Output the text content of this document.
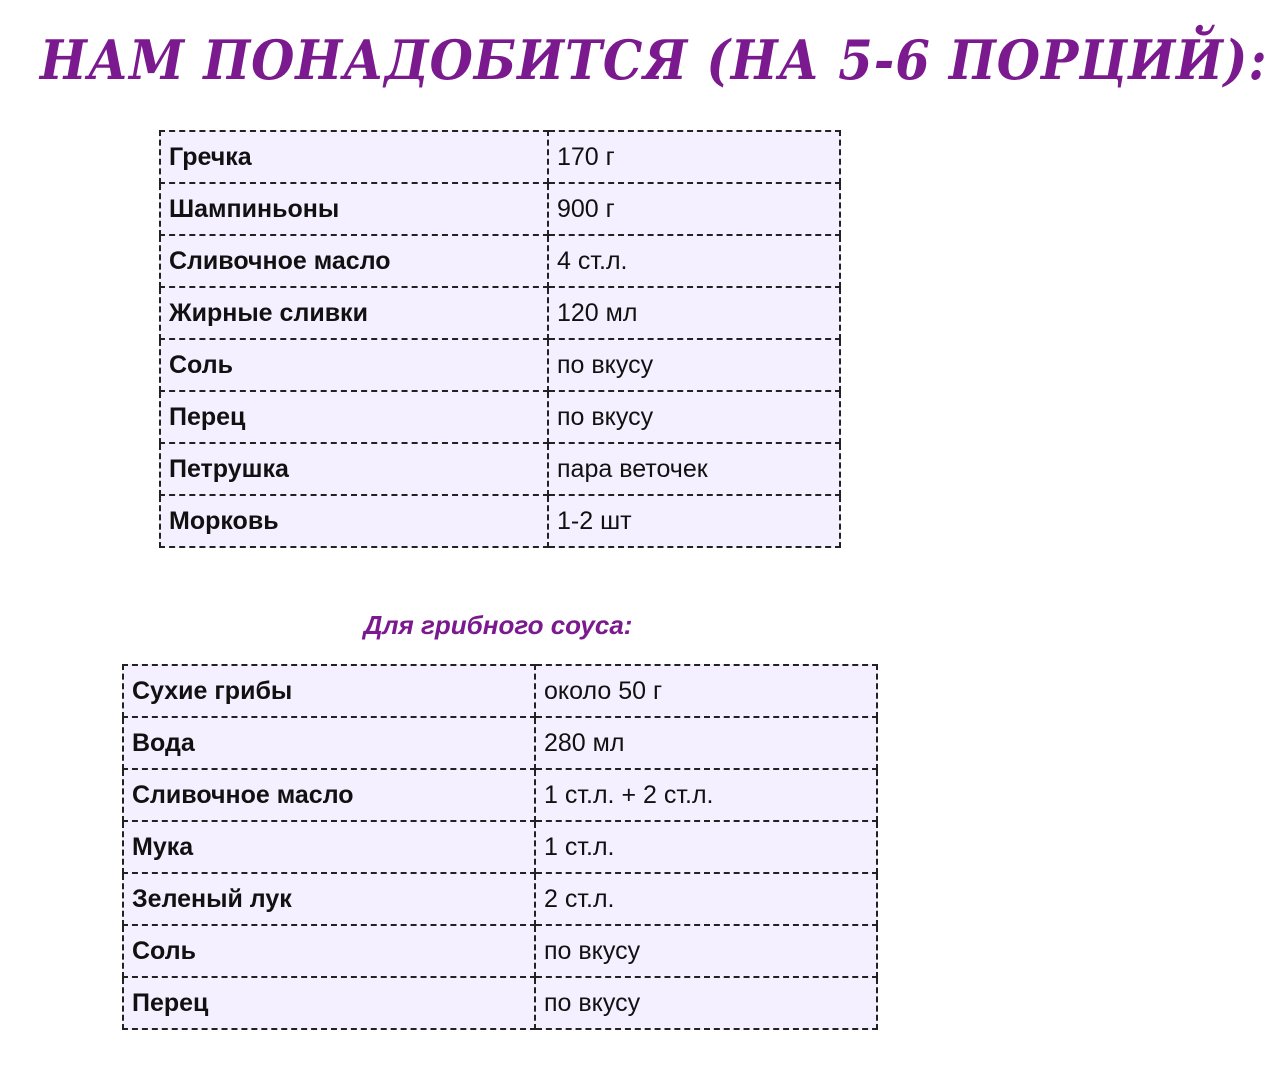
НАМ ПОНАДОБИТСЯ (НА 5-6 ПОРЦИЙ):
Гречка	170 г
Шампиньоны	900 г
Сливочное масло	4 ст.л.
Жирные сливки	120 мл
Соль	по вкусу
Перец	по вкусу
Петрушка	пара веточек
Морковь	1-2 шт
Для грибного соуса:
Сухие грибы	около 50 г
Вода	280 мл
Сливочное масло	1 ст.л. + 2 ст.л.
Мука	1 ст.л.
Зеленый лук	2 ст.л.
Соль	по вкусу
Перец	по вкусу
